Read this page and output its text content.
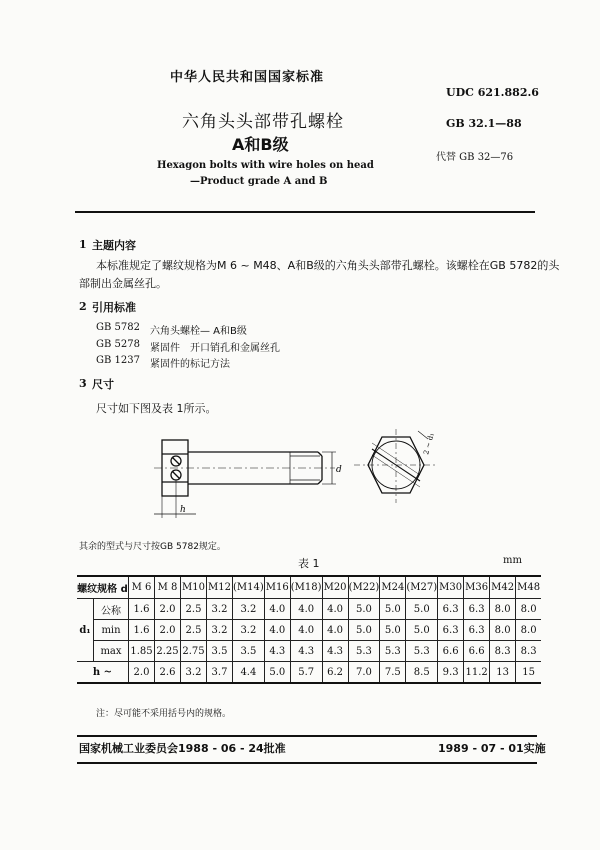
中华人民共和国国家标准
UDC 621.882.6
GB 32.1—88
代替 GB 32—76
六角头头部带孔螺栓
A和B级
Hexagon bolts with wire holes on head
—Product grade A and B
1 主题内容
本标准规定了螺纹规格为M 6 ~ M48、A和B级的六角头头部带孔螺栓。该螺栓在GB 5782的头
部制出金属丝孔。
2 引用标准
GB 5782 六角头螺栓— A和B级
GB 5278 紧固件　开口销孔和金属丝孔
GB 1237 紧固件的标记方法
3 尺寸
尺寸如下图及表 1所示。
h
d
2 ~ d₁
其余的型式与尺寸按GB 5782规定。
表 1	mm
螺纹规格 d		M 6	M 8	M10	M12	(M14)	M16	(M18)	M20	(M22)	M24	(M27)	M30	M36	M42	M48
d₁	公称	1.6	2.0	2.5	3.2	3.2	4.0	4.0	4.0	5.0	5.0	5.0	6.3	6.3	8.0	8.0
	min	1.6	2.0	2.5	3.2	3.2	4.0	4.0	4.0	5.0	5.0	5.0	6.3	6.3	8.0	8.0
	max	1.85	2.25	2.75	3.5	3.5	4.3	4.3	4.3	5.3	5.3	5.3	6.6	6.6	8.3	8.3
h ~		2.0	2.6	3.2	3.7	4.4	5.0	5.7	6.2	7.0	7.5	8.5	9.3	11.2	13	15
注：尽可能不采用括号内的规格。
国家机械工业委员会1988 - 06 - 24批准	1989 - 07 - 01实施
